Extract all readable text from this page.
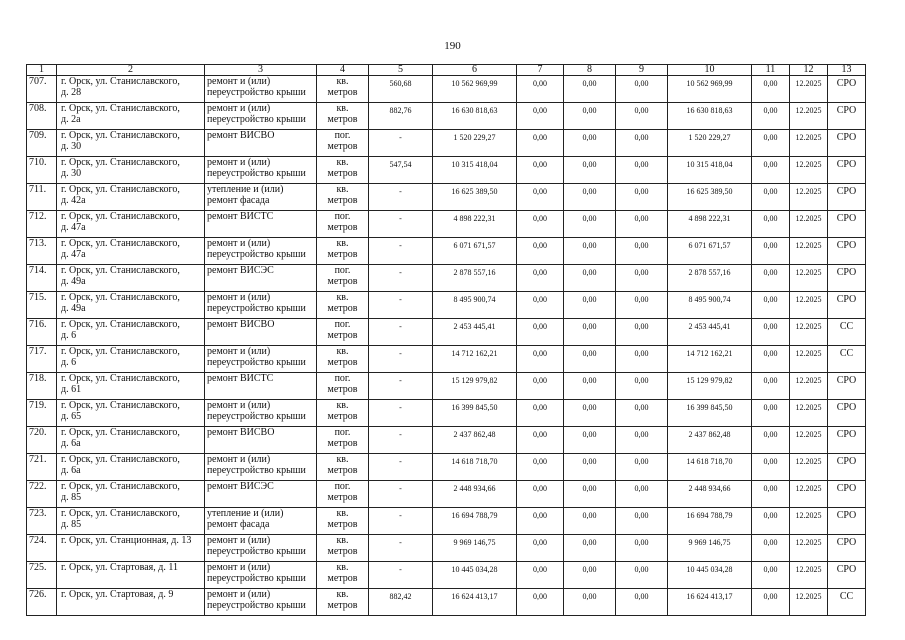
190
1	2	3	4	5	6	7	8	9	10	11	12	13

707.	г. Орск, ул. Станиславского,
д. 28	ремонт и (или)
переустройство крыши	кв.
метров	560,68	10 562 969,99	0,00	0,00	0,00	10 562 969,99	0,00	12.2025	СРО

708.	г. Орск, ул. Станиславского,
д. 2а	ремонт и (или)
переустройство крыши	кв.
метров	882,76	16 630 818,63	0,00	0,00	0,00	16 630 818,63	0,00	12.2025	СРО

709.	г. Орск, ул. Станиславского,
д. 30	ремонт ВИСВО	пог.
метров	-	1 520 229,27	0,00	0,00	0,00	1 520 229,27	0,00	12.2025	СРО

710.	г. Орск, ул. Станиславского,
д. 30	ремонт и (или)
переустройство крыши	кв.
метров	547,54	10 315 418,04	0,00	0,00	0,00	10 315 418,04	0,00	12.2025	СРО

711.	г. Орск, ул. Станиславского,
д. 42а	утепление и (или)
ремонт фасада	кв.
метров	-	16 625 389,50	0,00	0,00	0,00	16 625 389,50	0,00	12.2025	СРО

712.	г. Орск, ул. Станиславского,
д. 47а	ремонт ВИСТС	пог.
метров	-	4 898 222,31	0,00	0,00	0,00	4 898 222,31	0,00	12.2025	СРО

713.	г. Орск, ул. Станиславского,
д. 47а	ремонт и (или)
переустройство крыши	кв.
метров	-	6 071 671,57	0,00	0,00	0,00	6 071 671,57	0,00	12.2025	СРО

714.	г. Орск, ул. Станиславского,
д. 49а	ремонт ВИСЭС	пог.
метров	-	2 878 557,16	0,00	0,00	0,00	2 878 557,16	0,00	12.2025	СРО

715.	г. Орск, ул. Станиславского,
д. 49а	ремонт и (или)
переустройство крыши	кв.
метров	-	8 495 900,74	0,00	0,00	0,00	8 495 900,74	0,00	12.2025	СРО

716.	г. Орск, ул. Станиславского,
д. 6	ремонт ВИСВО	пог.
метров	-	2 453 445,41	0,00	0,00	0,00	2 453 445,41	0,00	12.2025	СС

717.	г. Орск, ул. Станиславского,
д. 6	ремонт и (или)
переустройство крыши	кв.
метров	-	14 712 162,21	0,00	0,00	0,00	14 712 162,21	0,00	12.2025	СС

718.	г. Орск, ул. Станиславского,
д. 61	ремонт ВИСТС	пог.
метров	-	15 129 979,82	0,00	0,00	0,00	15 129 979,82	0,00	12.2025	СРО

719.	г. Орск, ул. Станиславского,
д. 65	ремонт и (или)
переустройство крыши	кв.
метров	-	16 399 845,50	0,00	0,00	0,00	16 399 845,50	0,00	12.2025	СРО

720.	г. Орск, ул. Станиславского,
д. 6а	ремонт ВИСВО	пог.
метров	-	2 437 862,48	0,00	0,00	0,00	2 437 862,48	0,00	12.2025	СРО

721.	г. Орск, ул. Станиславского,
д. 6а	ремонт и (или)
переустройство крыши	кв.
метров	-	14 618 718,70	0,00	0,00	0,00	14 618 718,70	0,00	12.2025	СРО

722.	г. Орск, ул. Станиславского,
д. 85	ремонт ВИСЭС	пог.
метров	-	2 448 934,66	0,00	0,00	0,00	2 448 934,66	0,00	12.2025	СРО

723.	г. Орск, ул. Станиславского,
д. 85	утепление и (или)
ремонт фасада	кв.
метров	-	16 694 788,79	0,00	0,00	0,00	16 694 788,79	0,00	12.2025	СРО

724.	г. Орск, ул. Станционная, д. 13	ремонт и (или)
переустройство крыши	кв.
метров	-	9 969 146,75	0,00	0,00	0,00	9 969 146,75	0,00	12.2025	СРО

725.	г. Орск, ул. Стартовая, д. 11	ремонт и (или)
переустройство крыши	кв.
метров	-	10 445 034,28	0,00	0,00	0,00	10 445 034,28	0,00	12.2025	СРО

726.	г. Орск, ул. Стартовая, д. 9	ремонт и (или)
переустройство крыши	кв.
метров	882,42	16 624 413,17	0,00	0,00	0,00	16 624 413,17	0,00	12.2025	СС
